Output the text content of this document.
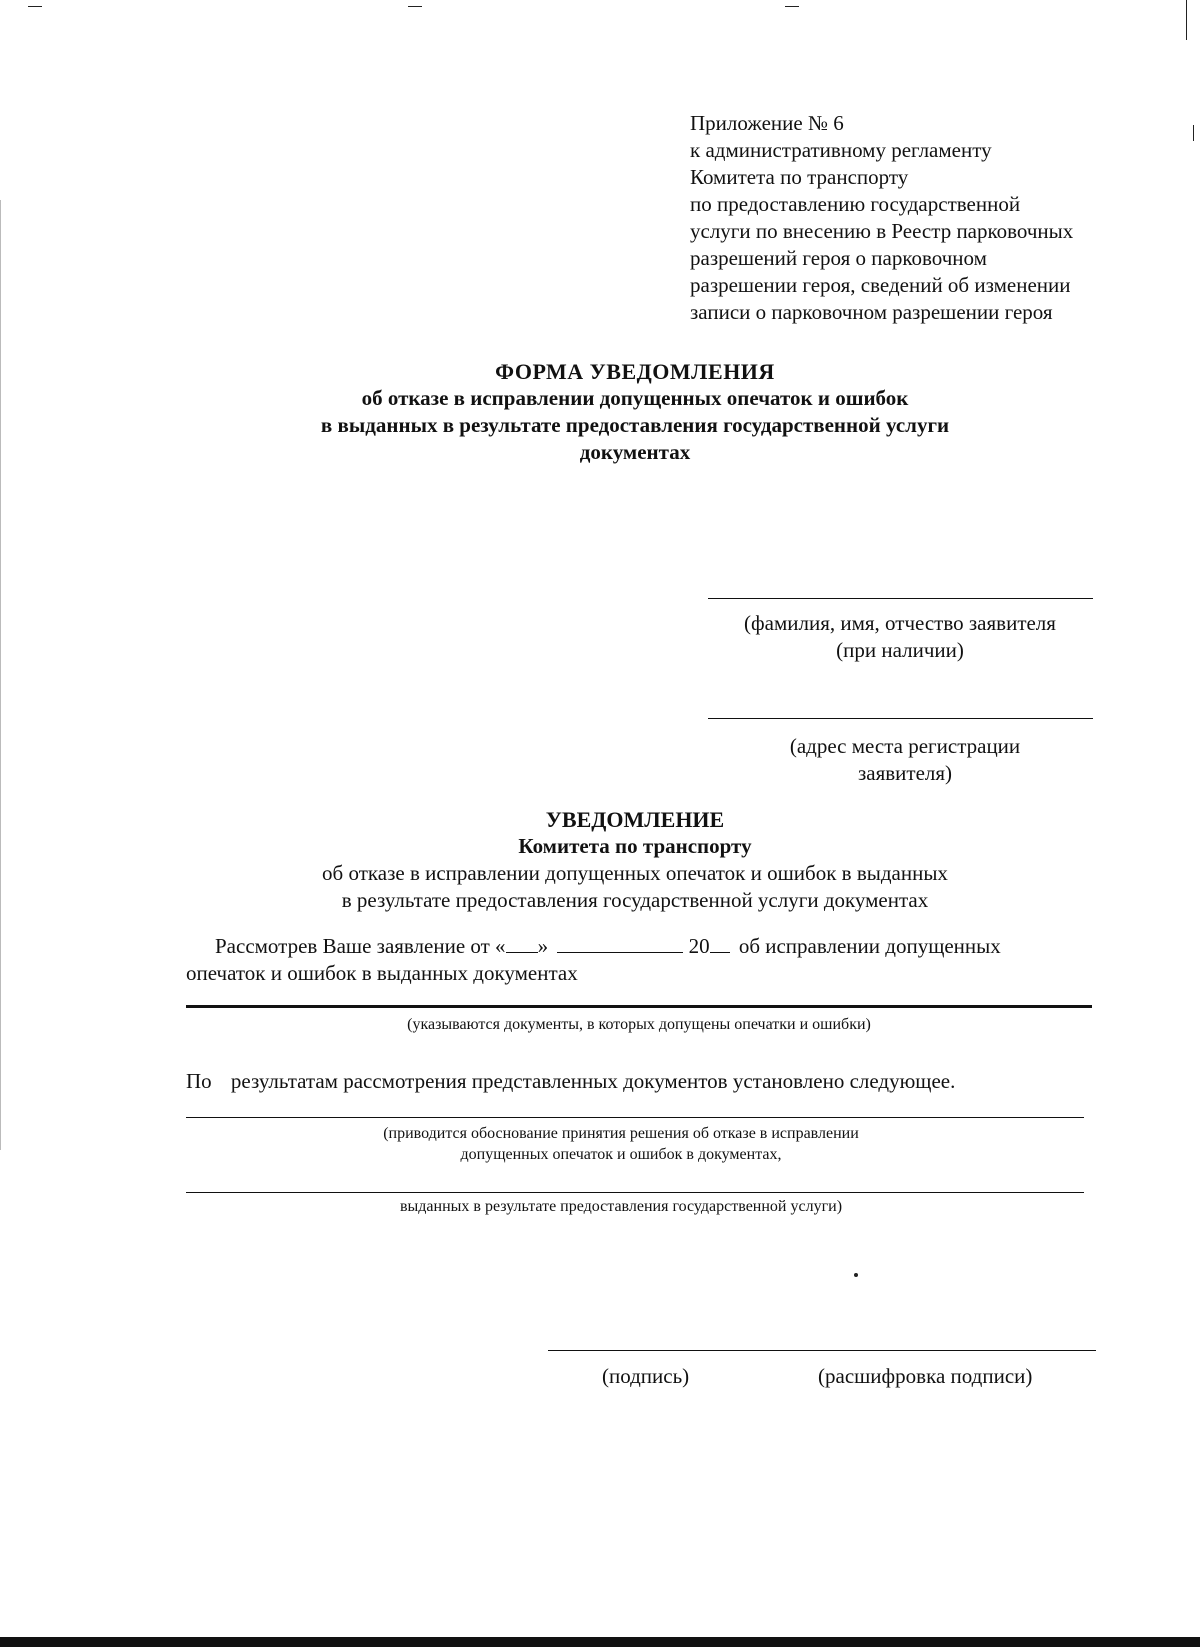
Приложение № 6
к административному регламенту
Комитета по транспорту
по предоставлению государственной
услуги по внесению в Реестр парковочных
разрешений героя о парковочном
разрешении героя, сведений об изменении
записи о парковочном разрешении героя
ФОРМА УВЕДОМЛЕНИЯ
об отказе в исправлении допущенных опечаток и ошибок
в выданных в результате предоставления государственной услуги
документах
(фамилия, имя, отчество заявителя
(при наличии)
(адрес места регистрации
заявителя)
УВЕДОМЛЕНИЕ
Комитета по транспорту
об отказе в исправлении допущенных опечаток и ошибок в выданных
в результате предоставления государственной услуги документах
Рассмотрев Ваше заявление от « »	20 об исправлении допущенных
опечаток и ошибок в выданных документах
(указываются документы, в которых допущены опечатки и ошибки)
По результатам рассмотрения представленных документов установлено следующее.
(приводится обоснование принятия решения об отказе в исправлении
допущенных опечаток и ошибок в документах,
выданных в результате предоставления государственной услуги)
(подпись)	(расшифровка подписи)
